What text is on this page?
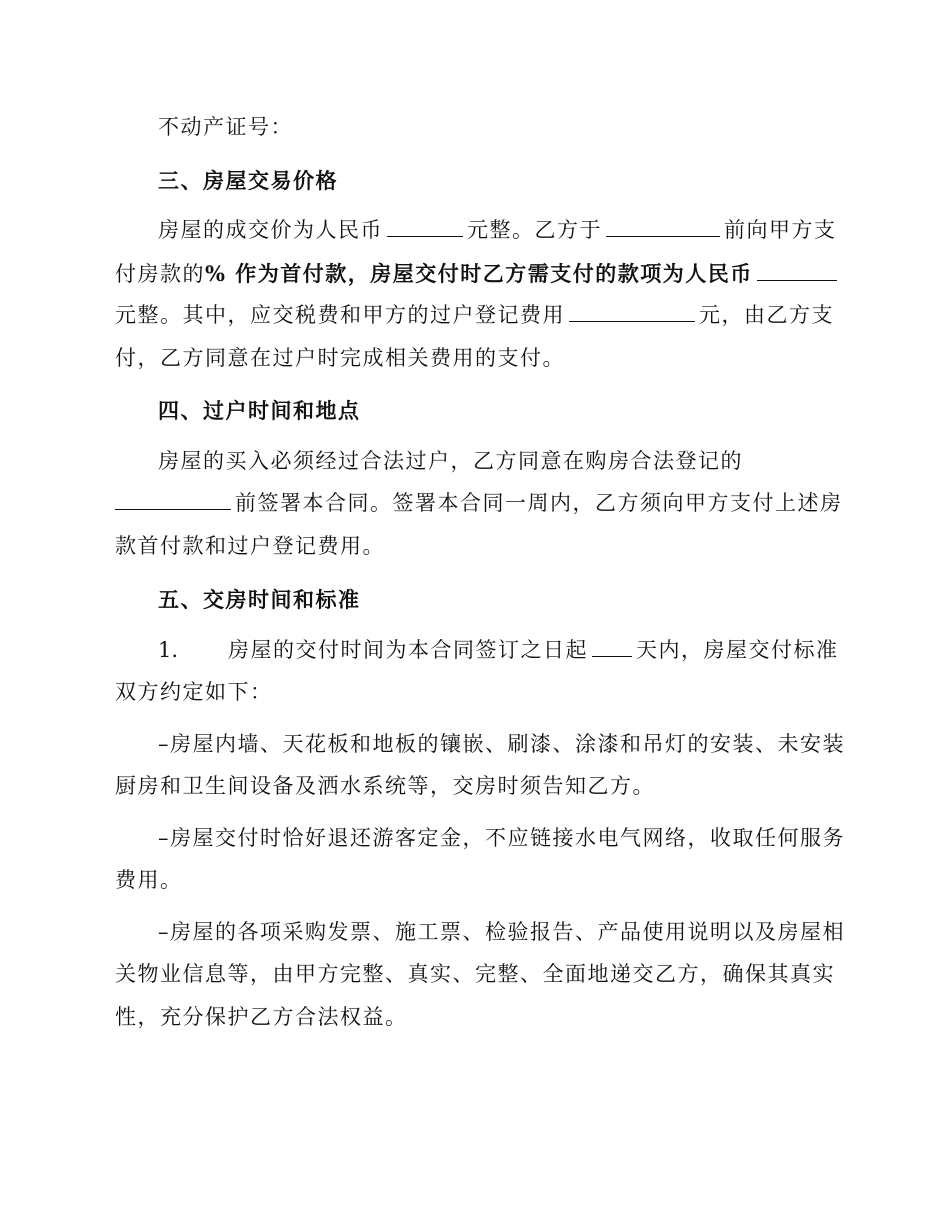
不动产证号：
三、房屋交易价格
房屋的成交价为人民币	元整。乙方于	前向甲方支
付房款的% 作为首付款，房屋交付时乙方需支付的款项为人民币
元整。其中，应交税费和甲方的过户登记费用	元，由乙方支
付，乙方同意在过户时完成相关费用的支付。
四、过户时间和地点
房屋的买入必须经过合法过户，乙方同意在购房合法登记的
前签署本合同。签署本合同一周内，乙方须向甲方支付上述房
款首付款和过户登记费用。
五、交房时间和标准
1. 房屋的交付时间为本合同签订之日起 天内，房屋交付标准
双方约定如下：
–房屋内墙、天花板和地板的镶嵌、刷漆、涂漆和吊灯的安装、未安装
厨房和卫生间设备及洒水系统等，交房时须告知乙方。
–房屋交付时恰好退还游客定金，不应链接水电气网络，收取任何服务
费用。
–房屋的各项采购发票、施工票、检验报告、产品使用说明以及房屋相
关物业信息等，由甲方完整、真实、完整、全面地递交乙方，确保其真实
性，充分保护乙方合法权益。
